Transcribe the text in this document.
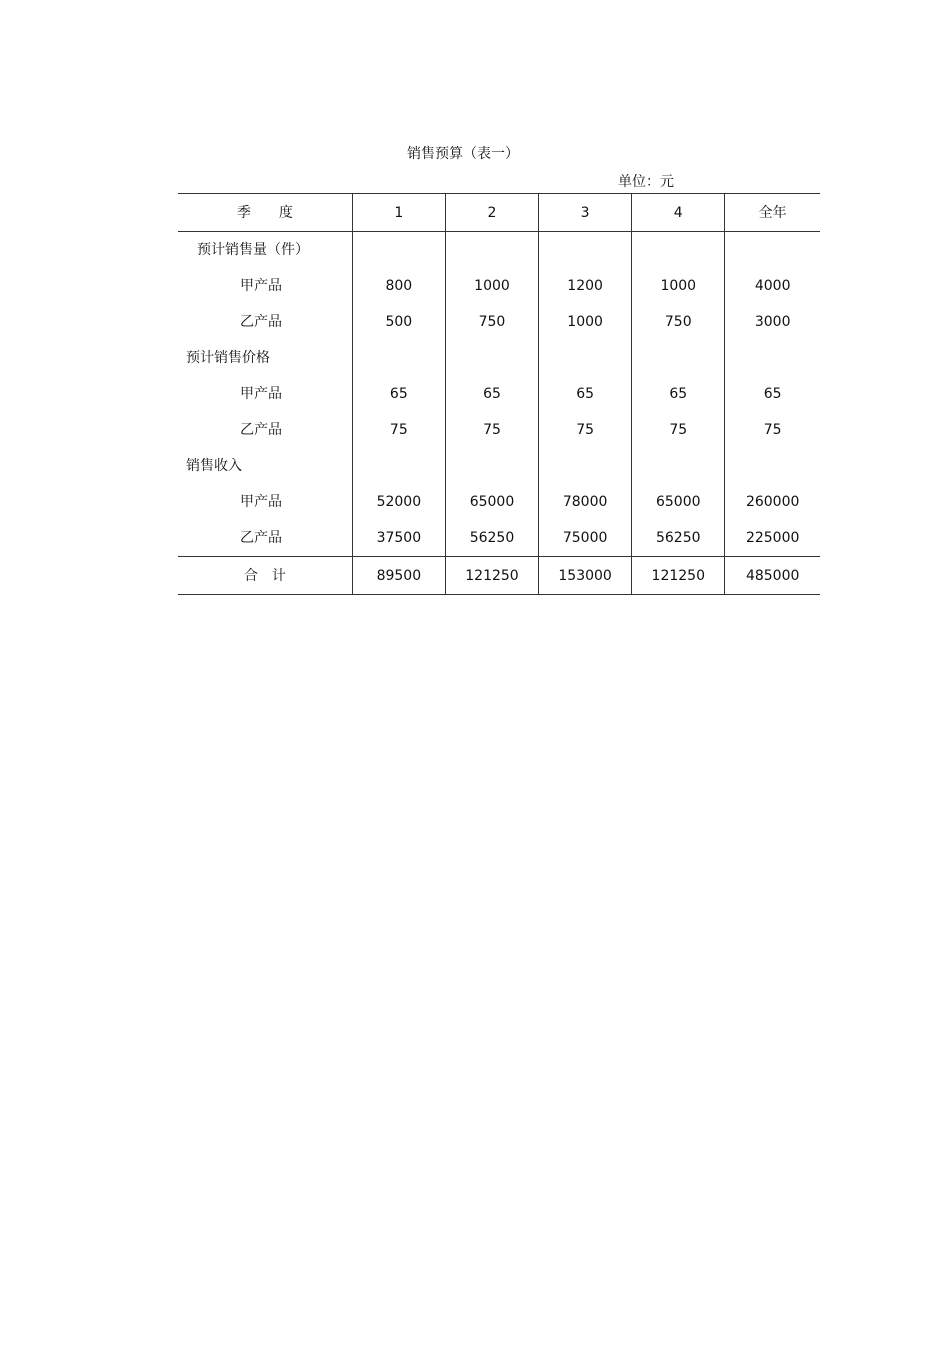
销售预算（表一）
单位：元
季　　度	1	2	3	4	全年
预计销售量（件）					
甲产品	800	1000	1200	1000	4000
乙产品	500	750	1000	750	3000
预计销售价格					
甲产品	65	65	65	65	65
乙产品	75	75	75	75	75
销售收入					
甲产品	52000	65000	78000	65000	260000
乙产品	37500	56250	75000	56250	225000
合　计	89500	121250	153000	121250	485000
